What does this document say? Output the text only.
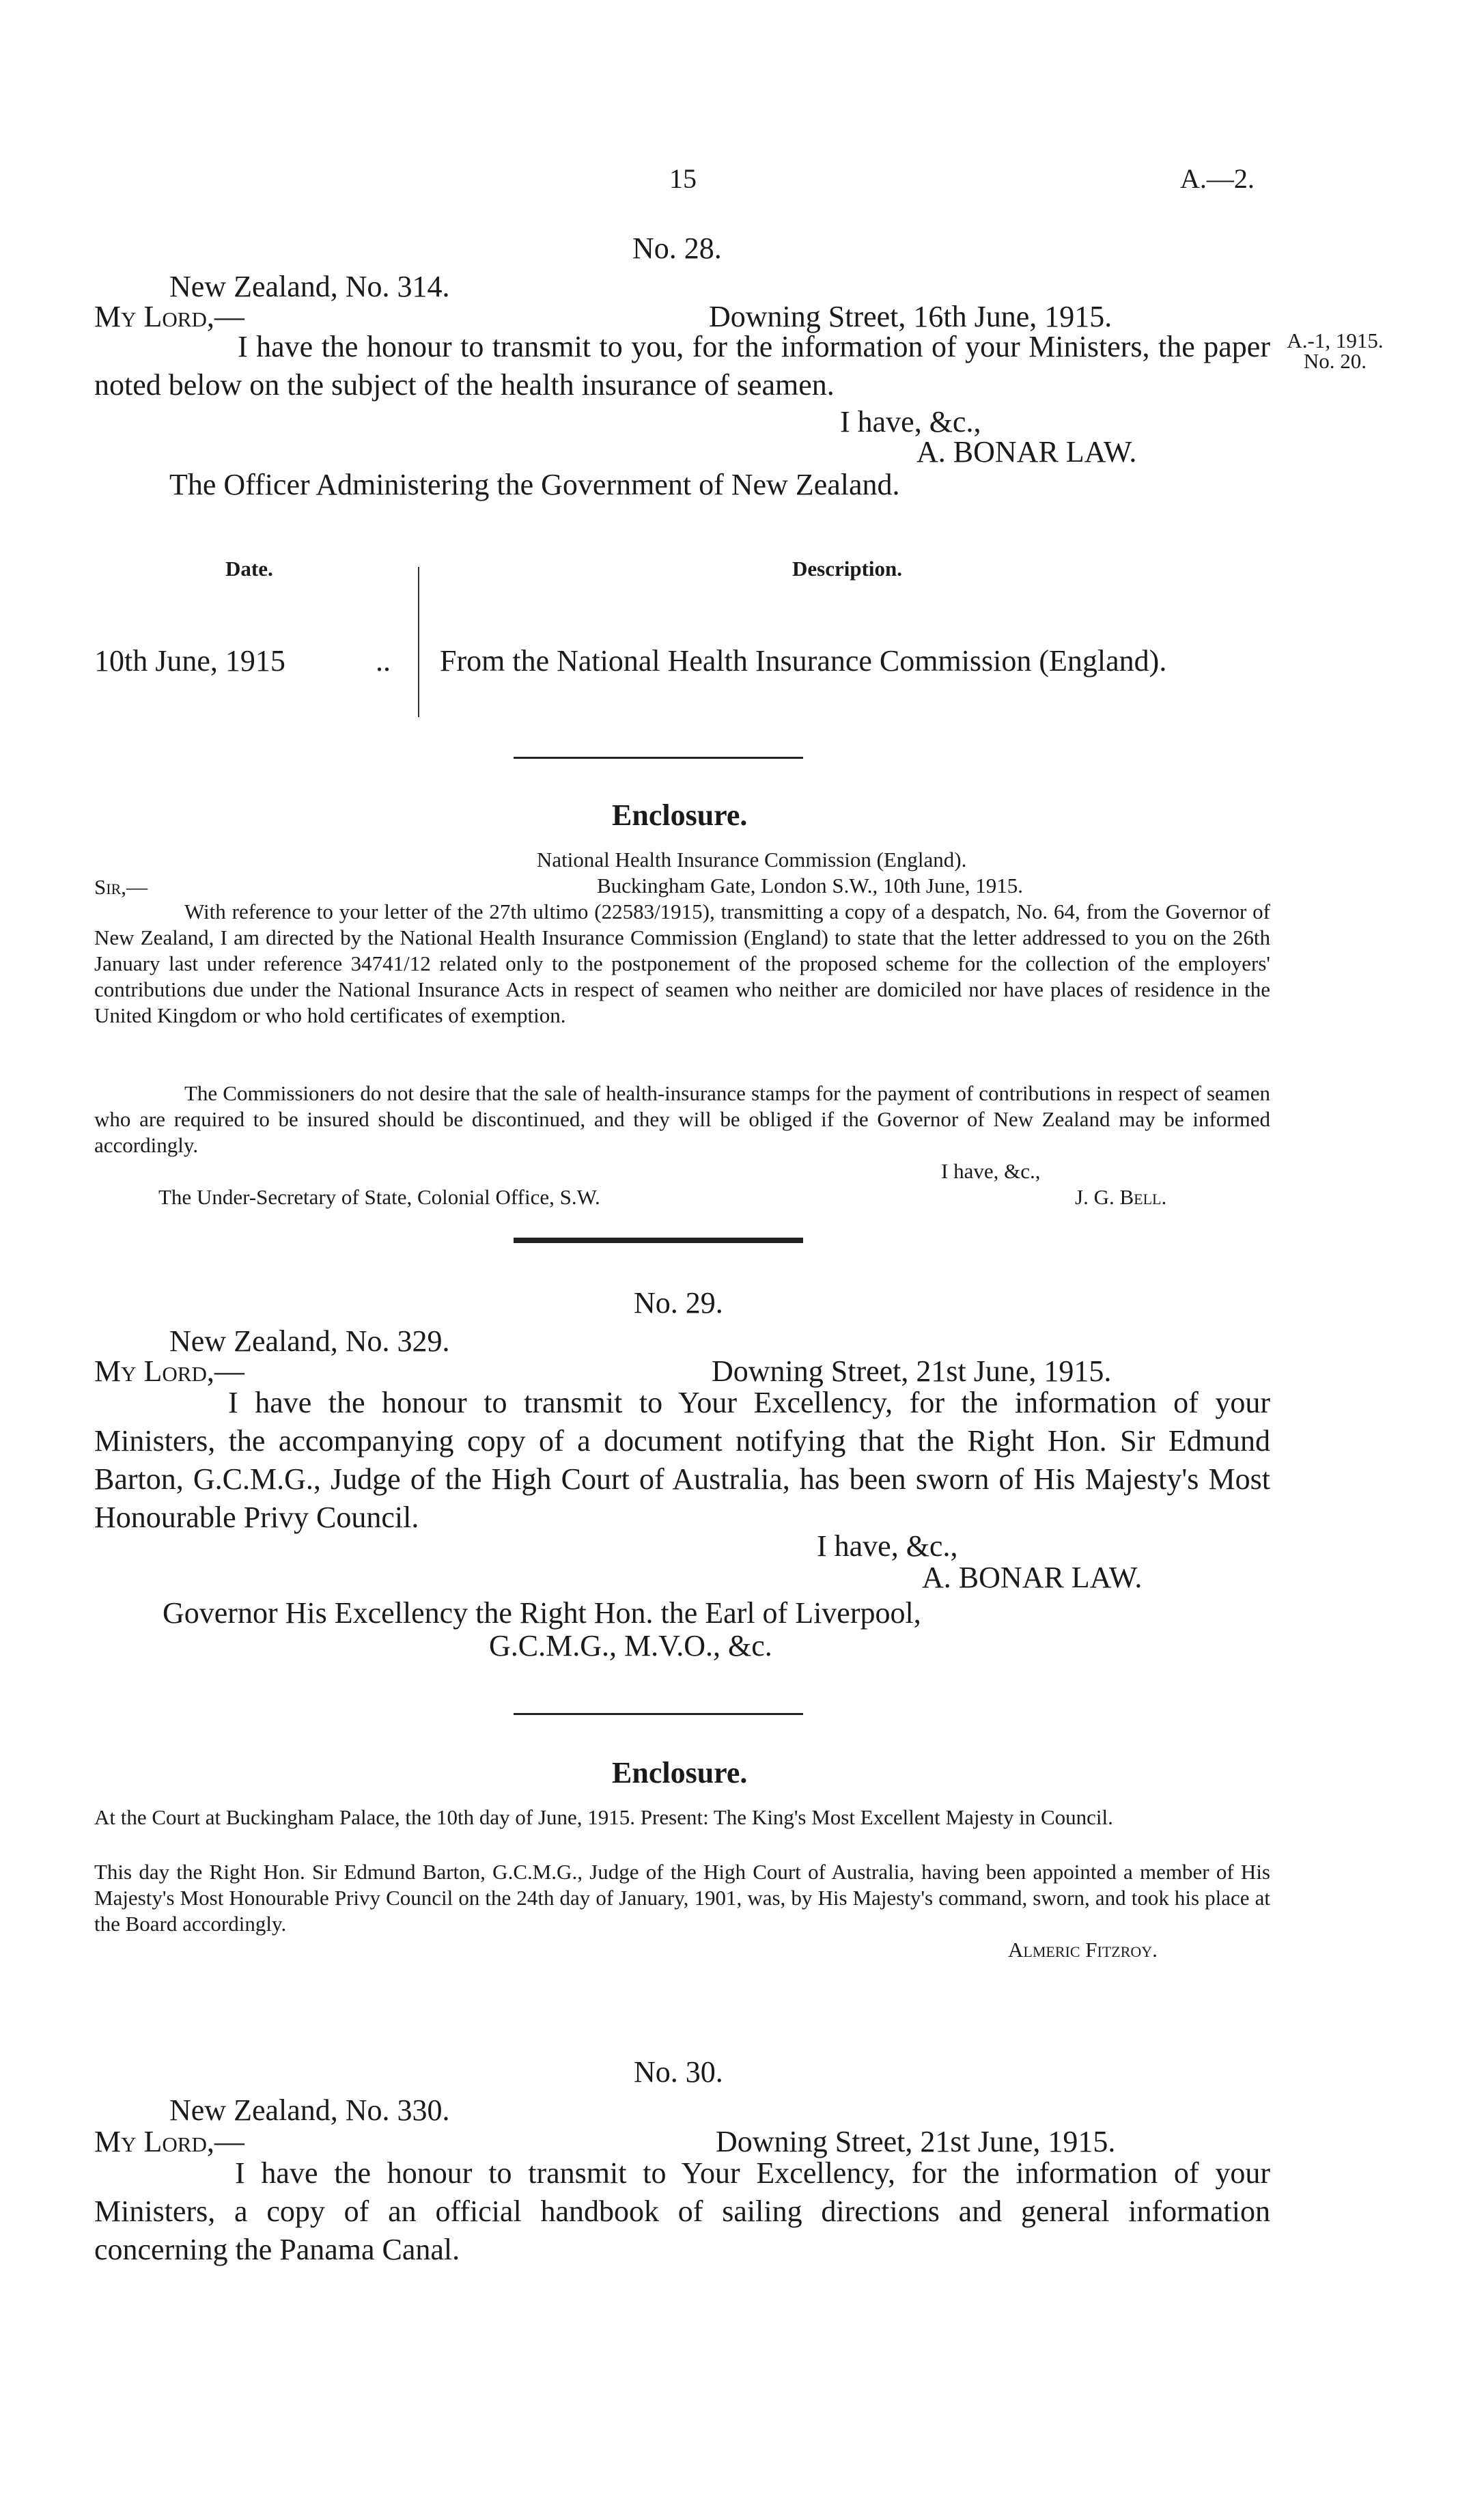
15	A.—2.
No. 28.
New Zealand, No. 314.
My Lord,—	Downing Street, 16th June, 1915.
I have the honour to transmit to you, for the information of your Ministers, the paper noted below on the subject of the health insurance of seamen.
A.-1, 1915. No. 20.
I have, &c.,
A. BONAR LAW.
The Officer Administering the Government of New Zealand.
Date.	Description.
10th June, 1915	.. From the National Health Insurance Commission (England).
Enclosure.
National Health Insurance Commission (England).
Buckingham Gate, London S.W., 10th June, 1915.
Sir,—
With reference to your letter of the 27th ultimo (22583/1915), transmitting a copy of a despatch, No. 64, from the Governor of New Zealand, I am directed by the National Health Insurance Commission (England) to state that the letter addressed to you on the 26th January last under reference 34741/12 related only to the postponement of the proposed scheme for the collection of the employers' contributions due under the National Insurance Acts in respect of seamen who neither are domiciled nor have places of residence in the United Kingdom or who hold certificates of exemption.
The Commissioners do not desire that the sale of health-insurance stamps for the payment of contributions in respect of seamen who are required to be insured should be discontinued, and they will be obliged if the Governor of New Zealand may be informed accordingly.
I have, &c.,
The Under-Secretary of State, Colonial Office, S.W.	J. G. Bell.
No. 29.
New Zealand, No. 329.
My Lord,—	Downing Street, 21st June, 1915.
I have the honour to transmit to Your Excellency, for the information of your Ministers, the accompanying copy of a document notifying that the Right Hon. Sir Edmund Barton, G.C.M.G., Judge of the High Court of Australia, has been sworn of His Majesty's Most Honourable Privy Council.
I have, &c.,
A. BONAR LAW.
Governor His Excellency the Right Hon. the Earl of Liverpool,
G.C.M.G., M.V.O., &c.
Enclosure.
At the Court at Buckingham Palace, the 10th day of June, 1915. Present: The King's Most Excellent Majesty in Council.
This day the Right Hon. Sir Edmund Barton, G.C.M.G., Judge of the High Court of Australia, having been appointed a member of His Majesty's Most Honourable Privy Council on the 24th day of January, 1901, was, by His Majesty's command, sworn, and took his place at the Board accordingly.
Almeric Fitzroy.
No. 30.
New Zealand, No. 330.
My Lord,—	Downing Street, 21st June, 1915.
I have the honour to transmit to Your Excellency, for the information of your Ministers, a copy of an official handbook of sailing directions and general information concerning the Panama Canal.
